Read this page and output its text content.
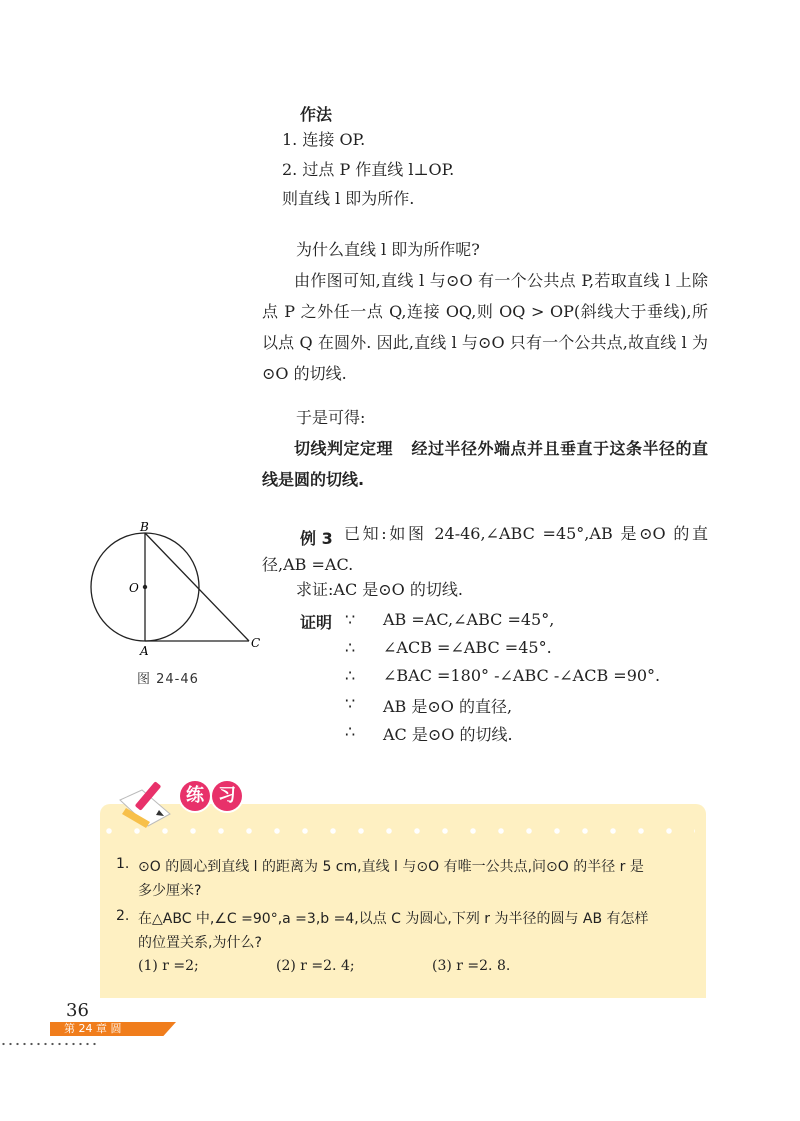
作法
1. 连接 OP.
2. 过点 P 作直线 l⊥OP.
则直线 l 即为所作.
为什么直线 l 即为所作呢?
由作图可知,直线 l 与⊙O 有一个公共点 P,若取直线 l 上除点 P 之外任一点 Q,连接 OQ,则 OQ > OP(斜线大于垂线),所以点 Q 在圆外. 因此,直线 l 与⊙O 只有一个公共点,故直线 l 为⊙O 的切线.
于是可得:
切线判定定理 经过半径外端点并且垂直于这条半径的直线是圆的切线.
B
O
A
C
图 24-46
例 3 已知:如图 24-46,∠ABC =45°,AB 是⊙O 的直径,AB =AC.
求证:AC 是⊙O 的切线.
证明 ∵ AB =AC,∠ABC =45°,
∴ ∠ACB =∠ABC =45°.
∴ ∠BAC =180° -∠ABC -∠ACB =90°.
∵ AB 是⊙O 的直径,
∴ AC 是⊙O 的切线.
练 习
1. ⊙O 的圆心到直线 l 的距离为 5 cm,直线 l 与⊙O 有唯一公共点,问⊙O 的半径 r 是
多少厘米?
2. 在△ABC 中,∠C =90°,a =3,b =4,以点 C 为圆心,下列 r 为半径的圆与 AB 有怎样
的位置关系,为什么?
(1) r =2;	(2) r =2. 4;	(3) r =2. 8.
36
第 24 章 圆
